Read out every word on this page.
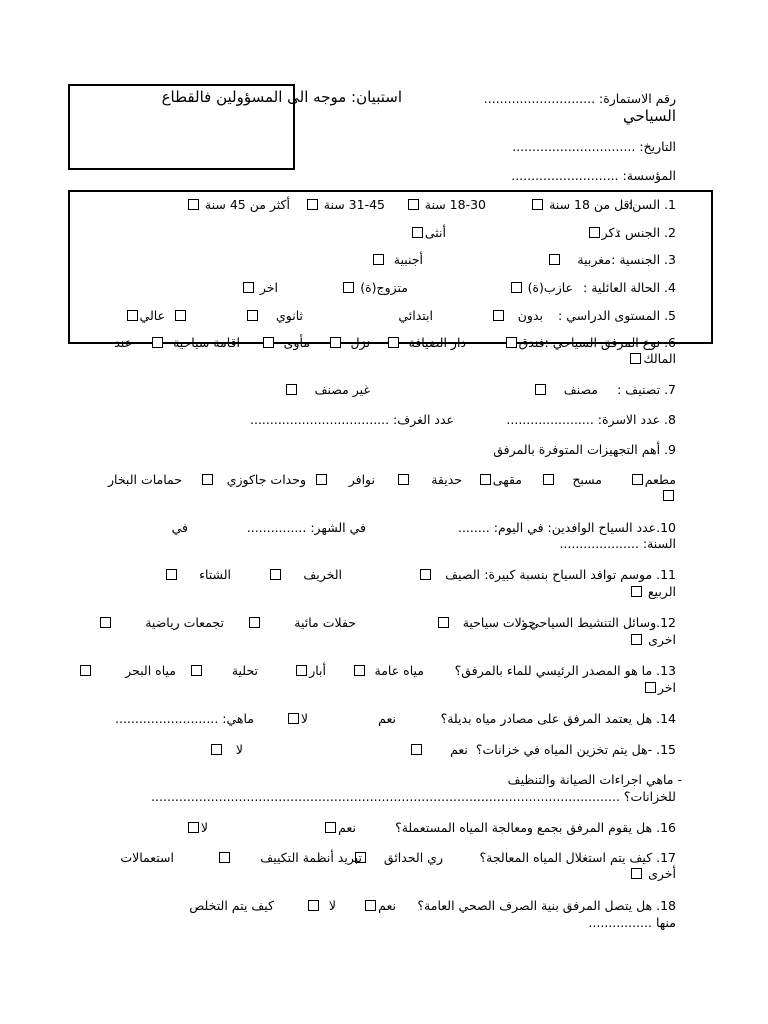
استبيان: موجه الى المسؤولين فالقطاع	رقم الاستمارة: ............................
السياحي
التاريخ: ...............................
المؤسسة: ...........................
1. السن:
اقل من 18 سنة
18-30 سنة
31-45 سنة
أكثر من 45 سنة
2. الجنس :
ذكر
أنثى
3. الجنسية :
مغربية
أجنبية
4. الحالة العائلية :
عازب(ة)
متزوج(ة)
اخر
5. المستوى الدراسي :
بدون
ابتدائي
ثانوي
عالي
6. نوع المرفق السياحي :فندق
دار الضيافة
نزل
مأوى
اقامة سياحية
عند
المالك
7. تصنيف :
مصنف
غير مصنف
8. عدد الاسرة: ......................
عدد الغرف: ...................................
9. أهم التجهيزات المتوفرة بالمرفق
مطعم
مسبح
مقهى
حديقة
نوافر
وحدات جاكوزي
حمامات البخار
10.عدد السياح الوافدين: في اليوم: ........
في الشهر: ...............
في
السنة: ....................
11. موسم توافد السياح بنسبة كبيرة:
الصيف
الخريف
الشتاء
الربيع
12.وسائل التنشيط السياحي :
جولات سياحية
حفلات مائية
تجمعات رياضية
اخرى
13. ما هو المصدر الرئيسي للماء بالمرفق؟
مياه عامة
أبار
تحلية
مياه البحر
اخر
14. هل يعتمد المرفق على مصادر مياه بديلة؟
نعم
لا
ماهي: ..........................
15. -هل يتم تخزين المياه في خزانات؟  نعم
لا
- ماهي اجراءات الصيانة والتنظيف
للخزانات؟ ......................................................................................................................
16. هل يقوم المرفق بجمع ومعالجة المياه المستعملة؟
نعم
لا
17. كيف يتم استغلال المياه المعالجة؟
ري الحدائق
تبريد أنظمة التكييف
استعمالات
أخرى
18. هل يتصل المرفق بنية الصرف الصحي العامة؟
نعم
لا
كيف يتم التخلص
منها ................
